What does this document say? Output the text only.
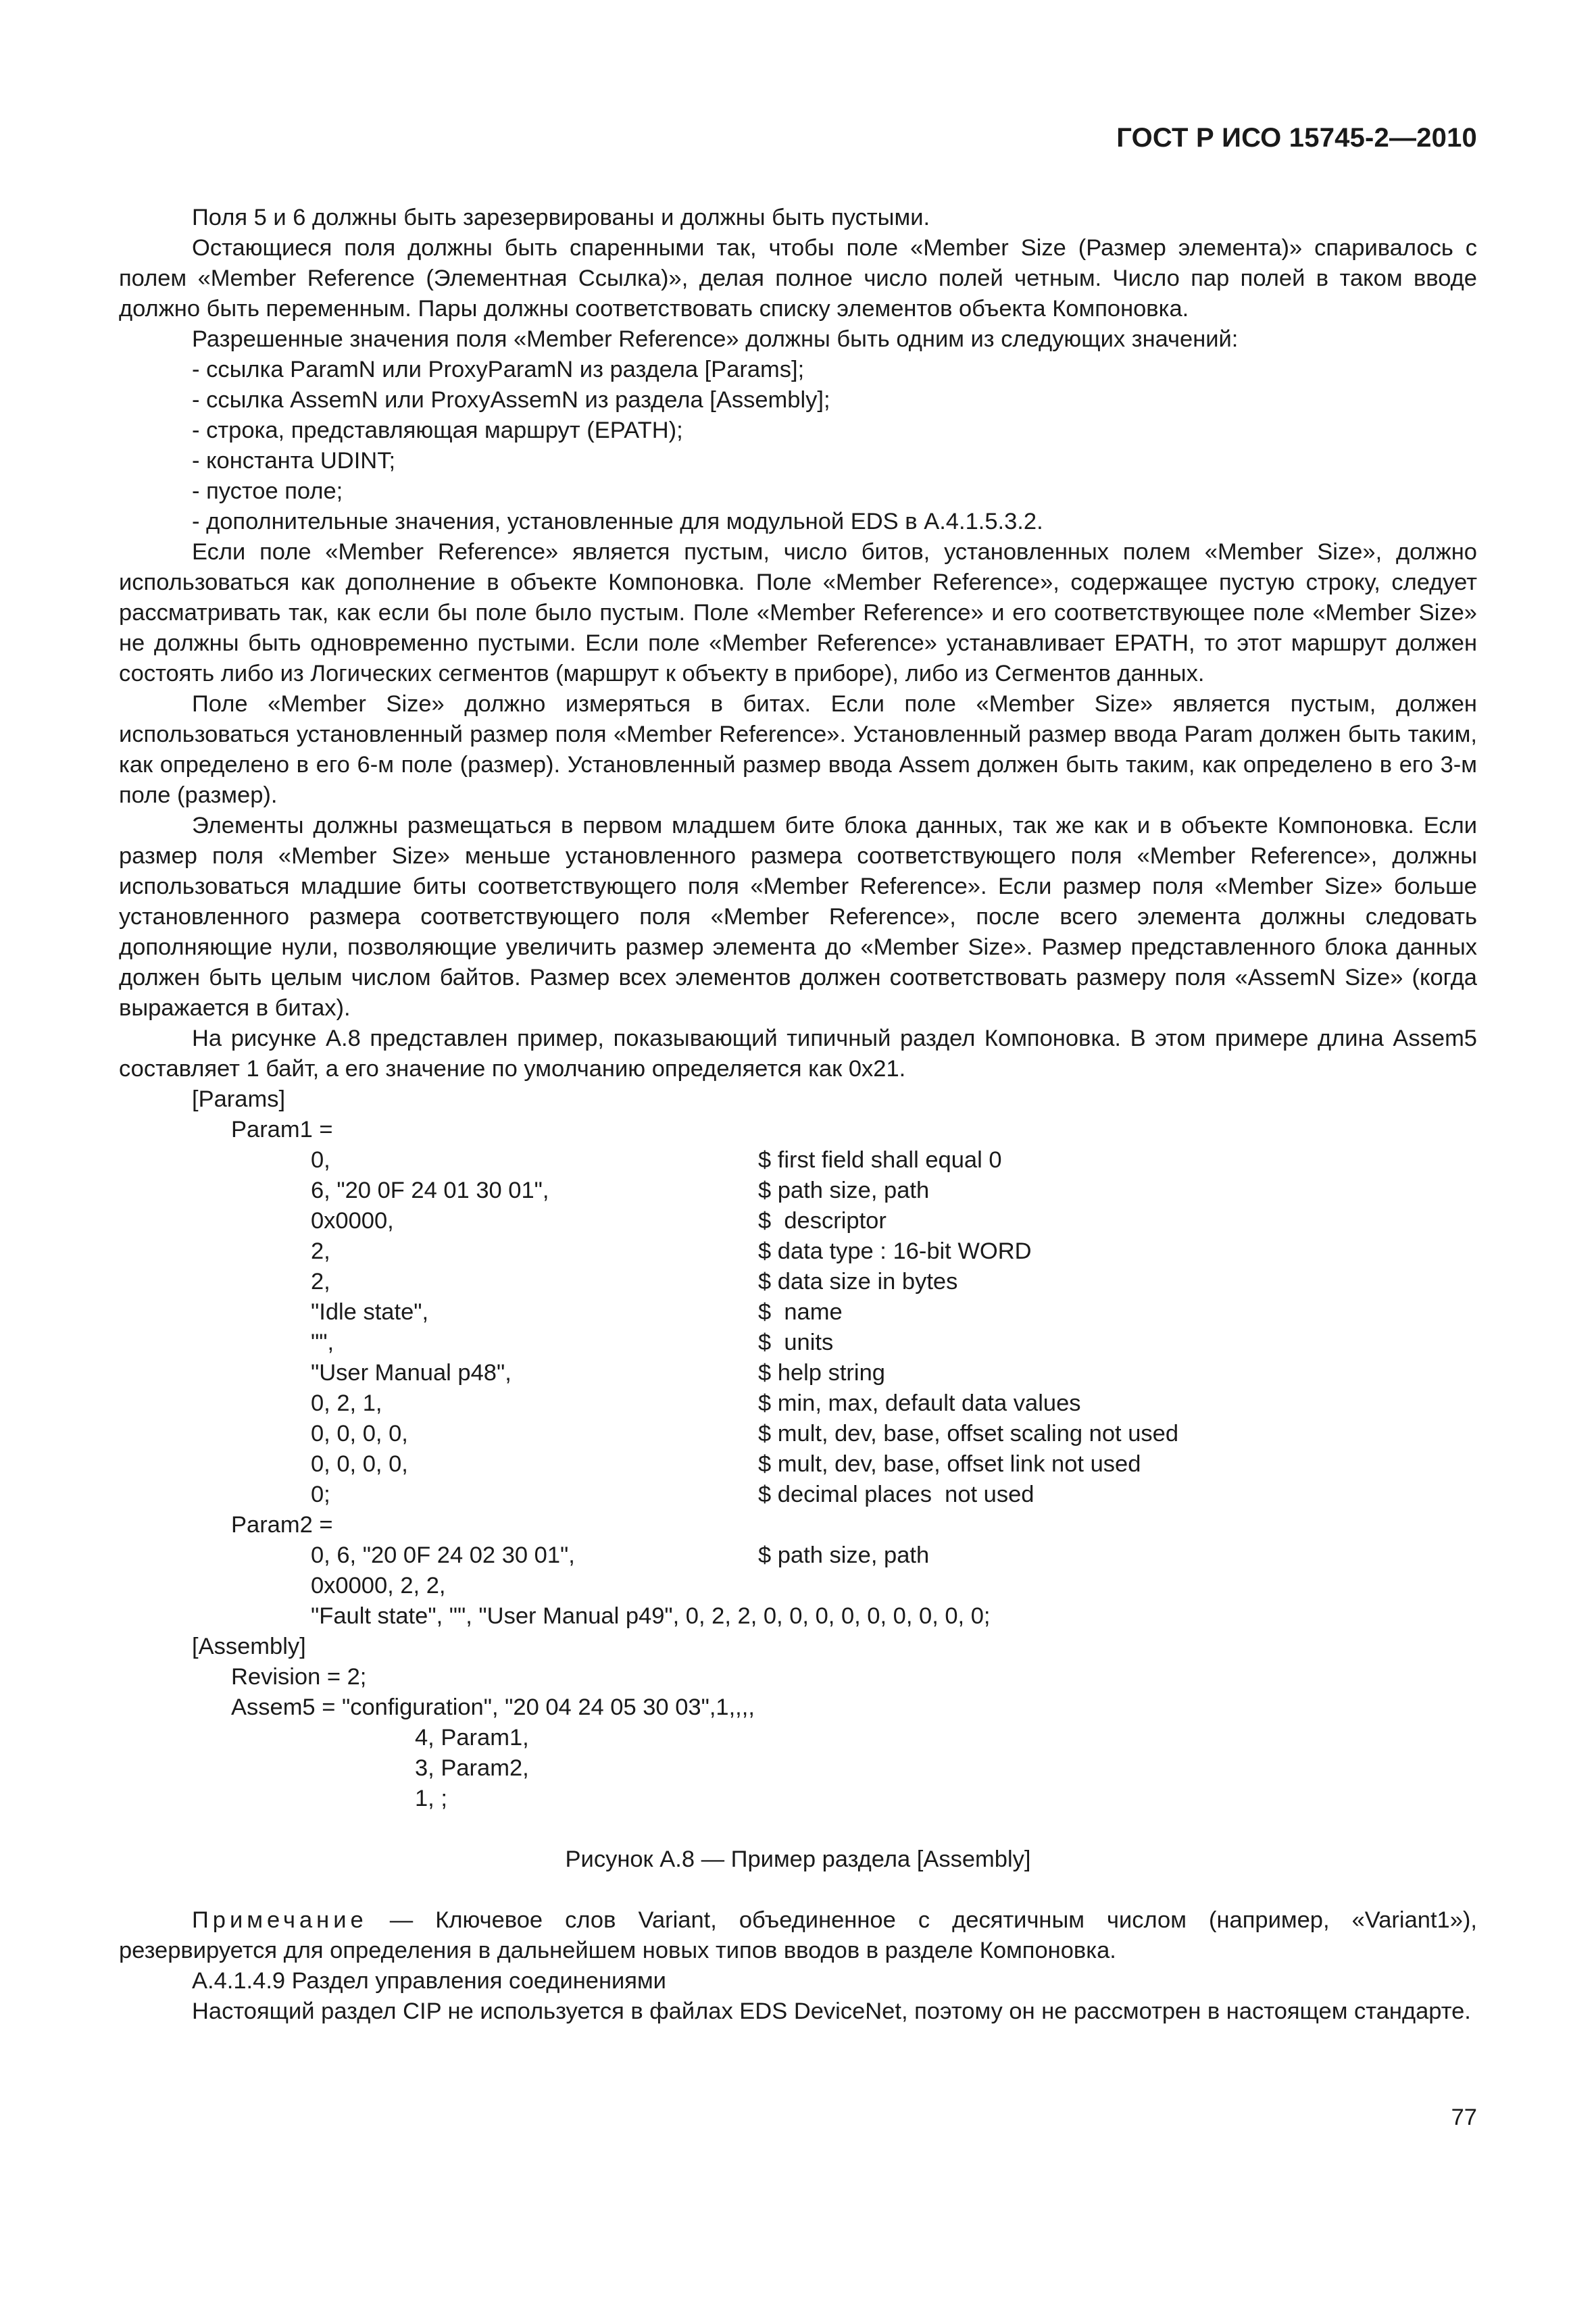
ГОСТ Р ИСО 15745-2—2010

Поля 5 и 6 должны быть зарезервированы и должны быть пустыми.

Остающиеся поля должны быть спаренными так, чтобы поле «Member Size (Размер элемента)» спаривалось с полем «Member Reference (Элементная Ссылка)», делая полное число полей четным. Число пар полей в таком вводе должно быть переменным. Пары должны соответствовать списку элементов объекта Компоновка.

Разрешенные значения поля «Member Reference» должны быть одним из следующих значений:

- ссылка ParamN или ProxyParamN из раздела [Params];

- ссылка AssemN или ProxyAssemN из раздела [Assembly];

- строка, представляющая маршрут (EPATH);

- константа UDINT;

- пустое поле;

- дополнительные значения, установленные для модульной EDS в А.4.1.5.3.2.

Если поле «Member Reference» является пустым, число битов, установленных полем «Member Size», должно использоваться как дополнение в объекте Компоновка. Поле «Member Reference», содержащее пустую строку, следует рассматривать так, как если бы поле было пустым. Поле «Member Reference» и его соответствующее поле «Member Size» не должны быть одновременно пустыми. Если поле «Member Reference» устанавливает EPATH, то этот маршрут должен состоять либо из Логических сегментов (маршрут к объекту в приборе), либо из Сегментов данных.

Поле «Member Size» должно измеряться в битах. Если поле «Member Size» является пустым, должен использоваться установленный размер поля «Member Reference». Установленный размер ввода Param должен быть таким, как определено в его 6-м поле (размер). Установленный размер ввода Assem должен быть таким, как определено в его 3-м поле (размер).

Элементы должны размещаться в первом младшем бите блока данных, так же как и в объекте Компоновка. Если размер поля «Member Size» меньше установленного размера соответствующего поля «Member Reference», должны использоваться младшие биты соответствующего поля «Member Reference». Если размер поля «Member Size» больше установленного размера соответствующего поля «Member Reference», после всего элемента должны следовать дополняющие нули, позволяющие увеличить размер элемента до «Member Size». Размер представленного блока данных должен быть целым числом байтов. Размер всех элементов должен соответствовать размеру поля «AssemN Size» (когда выражается в битах).

На рисунке А.8 представлен пример, показывающий типичный раздел Компоновка. В этом примере длина Assem5 составляет 1 байт, а его значение по умолчанию определяется как 0x21.

[Params]
Param1 =
0,	$ first field shall equal 0
6, "20 0F 24 01 30 01",	$ path size, path
0x0000,	$  descriptor
2,	$ data type : 16-bit WORD
2,	$ data size in bytes
"Idle state",	$  name
"",	$  units
"User Manual p48",	$ help string
0, 2, 1,	$ min, max, default data values
0, 0, 0, 0,	$ mult, dev, base, offset scaling not used
0, 0, 0, 0,	$ mult, dev, base, offset link not used
0;	$ decimal places  not used
Param2 =
0, 6, "20 0F 24 02 30 01",	$ path size, path
0x0000, 2, 2,
"Fault state", "", "User Manual p49", 0, 2, 2, 0, 0, 0, 0, 0, 0, 0, 0, 0;
[Assembly]
Revision = 2;
Assem5 = "configuration", "20 04 24 05 30 03",1,,,,
4, Param1,
3, Param2,
1, ;
Рисунок А.8 — Пример раздела [Assembly]

Примечание — Ключевое слов Variant, объединенное с десятичным числом (например, «Variant1»), резервируется для определения в дальнейшем новых типов вводов в разделе Компоновка.

А.4.1.4.9 Раздел управления соединениями

Настоящий раздел CIP не используется в файлах EDS DeviceNet, поэтому он не рассмотрен в настоящем стандарте.

77
